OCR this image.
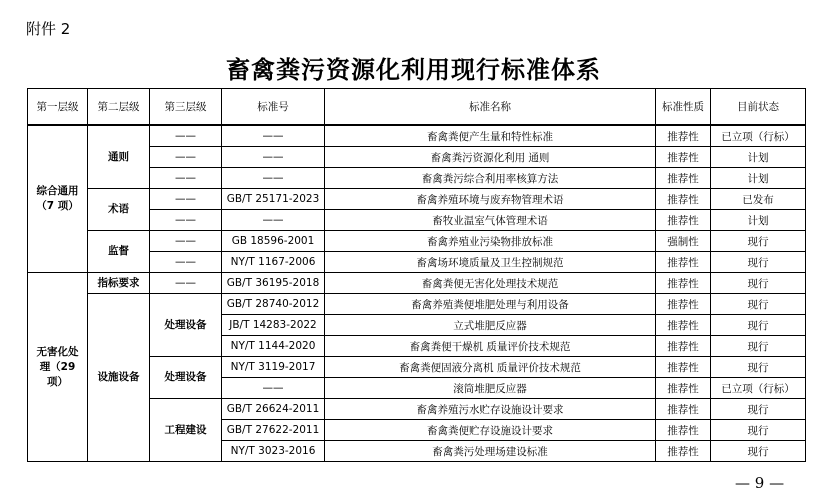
附件 2
畜禽粪污资源化利用现行标准体系
第一层级	第二层级	第三层级	标准号	标准名称	标准性质	目前状态
综合通用（7 项）	通则	——	——	畜禽粪便产生量和特性标准	推荐性	已立项（行标）
		——	——	畜禽粪污资源化利用 通则	推荐性	计划
		——	——	畜禽粪污综合利用率核算方法	推荐性	计划
	术语	——	GB/T 25171-2023	畜禽养殖环境与废弃物管理术语	推荐性	已发布
		——	——	畜牧业温室气体管理术语	推荐性	计划
	监督	——	GB 18596-2001	畜禽养殖业污染物排放标准	强制性	现行
		——	NY/T 1167-2006	畜禽场环境质量及卫生控制规范	推荐性	现行
无害化处理（29 项）	指标要求	——	GB/T 36195-2018	畜禽粪便无害化处理技术规范	推荐性	现行
	设施设备	处理设备	GB/T 28740-2012	畜禽养殖粪便堆肥处理与利用设备	推荐性	现行
			JB/T 14283-2022	立式堆肥反应器	推荐性	现行
			NY/T 1144-2020	畜禽粪便干燥机 质量评价技术规范	推荐性	现行
		处理设备	NY/T 3119-2017	畜禽粪便固液分离机 质量评价技术规范	推荐性	现行
			——	滚筒堆肥反应器	推荐性	已立项（行标）
		工程建设	GB/T 26624-2011	畜禽养殖污水贮存设施设计要求	推荐性	现行
			GB/T 27622-2011	畜禽粪便贮存设施设计要求	推荐性	现行
			NY/T 3023-2016	畜禽粪污处理场建设标准	推荐性	现行
— 9 —
